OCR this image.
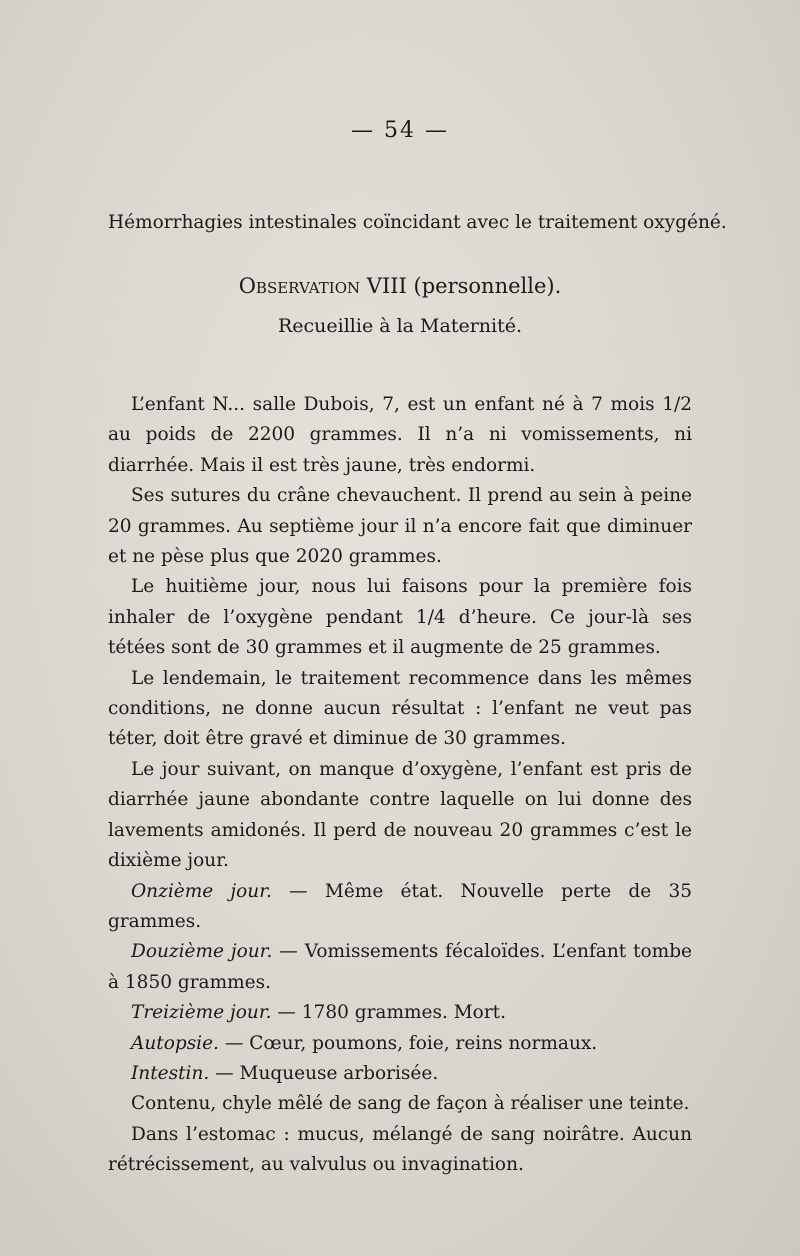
— 54 —
Hémorrhagies intestinales coïncidant avec le traitement oxygéné.
Observation VIII (personnelle).
Recueillie à la Maternité.

L’enfant N... salle Dubois, 7, est un enfant né à 7 mois 1/2 au poids de 2200 grammes. Il n’a ni vomissements, ni diarrhée. Mais il est très jaune, très endormi.

Ses sutures du crâne chevauchent. Il prend au sein à peine 20 grammes. Au septième jour il n’a encore fait que diminuer et ne pèse plus que 2020 grammes.

Le huitième jour, nous lui faisons pour la première fois inhaler de l’oxygène pendant 1/4 d’heure. Ce jour-là ses tétées sont de 30 grammes et il augmente de 25 grammes.

Le lendemain, le traitement recommence dans les mêmes conditions, ne donne aucun résultat : l’enfant ne veut pas téter, doit être gravé et diminue de 30 grammes.

Le jour suivant, on manque d’oxygène, l’enfant est pris de diarrhée jaune abondante contre laquelle on lui donne des lavements amidonés. Il perd de nouveau 20 grammes c’est le dixième jour.

Onzième jour. — Même état. Nouvelle perte de 35 grammes.

Douzième jour. — Vomissements fécaloïdes. L’enfant tombe à 1850 grammes.

Treizième jour. — 1780 grammes. Mort.

Autopsie. — Cœur, poumons, foie, reins normaux.

Intestin. — Muqueuse arborisée.

Contenu, chyle mêlé de sang de façon à réaliser une teinte.

Dans l’estomac : mucus, mélangé de sang noirâtre. Aucun rétrécissement, au valvulus ou invagination.
